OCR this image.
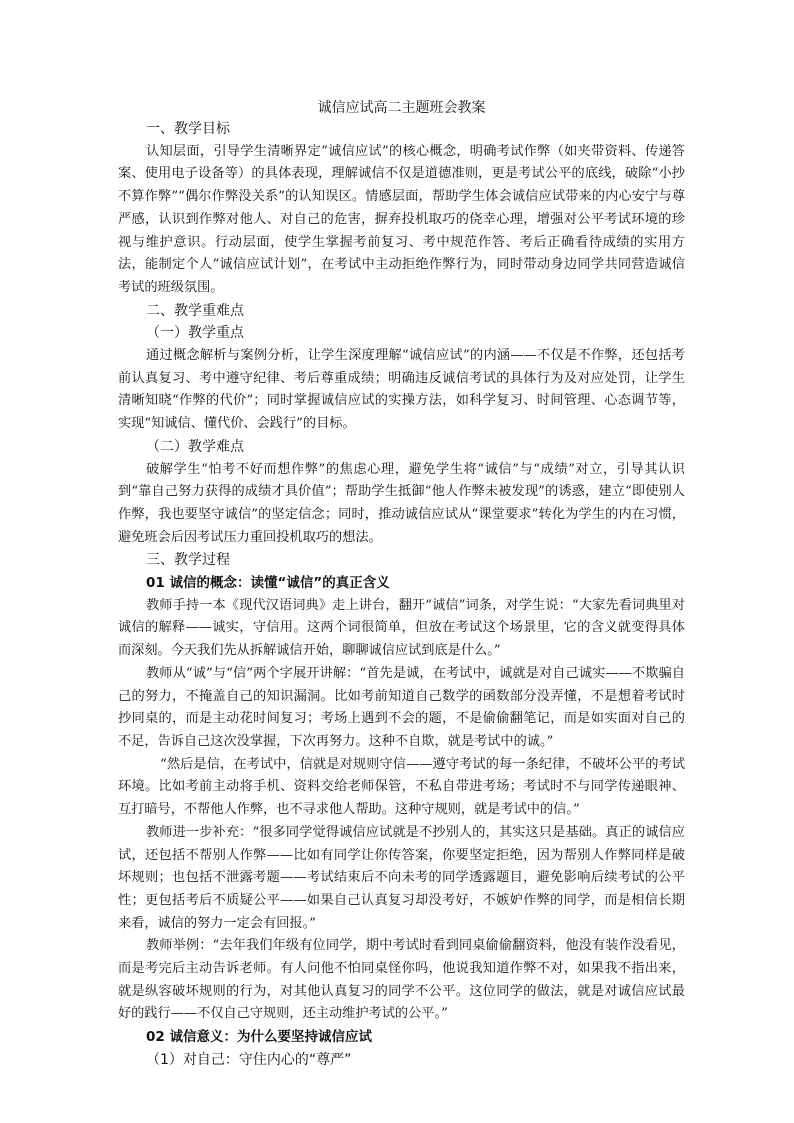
诚信应试高二主题班会教案

一、教学目标

认知层面，引导学生清晰界定“诚信应试”的核心概念，明确考试作弊（如夹带资料、传递答案、使用电子设备等）的具体表现，理解诚信不仅是道德准则，更是考试公平的底线，破除“小抄不算作弊”“偶尔作弊没关系”的认知误区。情感层面，帮助学生体会诚信应试带来的内心安宁与尊严感，认识到作弊对他人、对自己的危害，摒弃投机取巧的侥幸心理，增强对公平考试环境的珍视与维护意识。行动层面，使学生掌握考前复习、考中规范作答、考后正确看待成绩的实用方法，能制定个人“诚信应试计划”，在考试中主动拒绝作弊行为，同时带动身边同学共同营造诚信考试的班级氛围。

二、教学重难点

（一）教学重点

通过概念解析与案例分析，让学生深度理解“诚信应试”的内涵——不仅是不作弊，还包括考前认真复习、考中遵守纪律、考后尊重成绩；明确违反诚信考试的具体行为及对应处罚，让学生清晰知晓“作弊的代价”；同时掌握诚信应试的实操方法，如科学复习、时间管理、心态调节等，实现“知诚信、懂代价、会践行”的目标。

（二）教学难点

破解学生“怕考不好而想作弊”的焦虑心理，避免学生将“诚信”与“成绩”对立，引导其认识到“靠自己努力获得的成绩才具价值”；帮助学生抵御“他人作弊未被发现”的诱惑，建立“即使别人作弊，我也要坚守诚信”的坚定信念；同时，推动诚信应试从“课堂要求”转化为学生的内在习惯，避免班会后因考试压力重回投机取巧的想法。

三、教学过程

01 诚信的概念：读懂“诚信”的真正含义

教师手持一本《现代汉语词典》走上讲台，翻开“诚信”词条，对学生说：“大家先看词典里对诚信的解释——诚实，守信用。这两个词很简单，但放在考试这个场景里，它的含义就变得具体而深刻。今天我们先从拆解诚信开始，聊聊诚信应试到底是什么。”

教师从“诚”与“信”两个字展开讲解：“首先是诚，在考试中，诚就是对自己诚实——不欺骗自己的努力，不掩盖自己的知识漏洞。比如考前知道自己数学的函数部分没弄懂，不是想着考试时抄同桌的，而是主动花时间复习；考场上遇到不会的题，不是偷偷翻笔记，而是如实面对自己的不足，告诉自己这次没掌握，下次再努力。这种不自欺，就是考试中的诚。”

“然后是信，在考试中，信就是对规则守信——遵守考试的每一条纪律，不破坏公平的考试环境。比如考前主动将手机、资料交给老师保管，不私自带进考场；考试时不与同学传递眼神、互打暗号，不帮他人作弊，也不寻求他人帮助。这种守规则，就是考试中的信。”

教师进一步补充：“很多同学觉得诚信应试就是不抄别人的，其实这只是基础。真正的诚信应试，还包括不帮别人作弊——比如有同学让你传答案，你要坚定拒绝，因为帮别人作弊同样是破坏规则；也包括不泄露考题——考试结束后不向未考的同学透露题目，避免影响后续考试的公平性；更包括考后不质疑公平——如果自己认真复习却没考好，不嫉妒作弊的同学，而是相信长期来看，诚信的努力一定会有回报。”

教师举例：“去年我们年级有位同学，期中考试时看到同桌偷偷翻资料，他没有装作没看见，而是考完后主动告诉老师。有人问他不怕同桌怪你吗，他说我知道作弊不对，如果我不指出来，就是纵容破坏规则的行为，对其他认真复习的同学不公平。这位同学的做法，就是对诚信应试最好的践行——不仅自己守规则，还主动维护考试的公平。”

02 诚信意义：为什么要坚持诚信应试

（1）对自己：守住内心的“尊严”
